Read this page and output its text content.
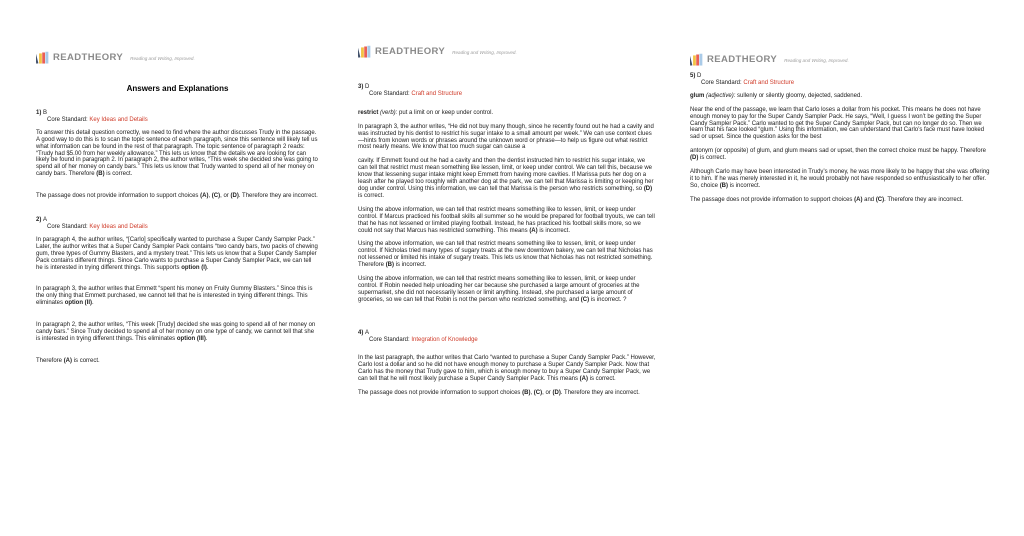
READTHEORY Reading and Writing, Improved.
Answers and Explanations
1) B
Core Standard: Key Ideas and Details
To answer this detail question correctly, we need to find where the author discusses Trudy in the passage. A good way to do this is to scan the topic sentence of each paragraph, since this sentence will likely tell us what information can be found in the rest of that paragraph. The topic sentence of paragraph 2 reads: “Trudy had $5.00 from her weekly allowance.” This lets us know that the details we are looking for can likely be found in paragraph 2. In paragraph 2, the author writes, “This week she decided she was going to spend all of her money on candy bars.” This lets us know that Trudy wanted to spend all of her money on candy bars. Therefore (B) is correct.
The passage does not provide information to support choices (A), (C), or (D). Therefore they are incorrect.
2) A
Core Standard: Key Ideas and Details
In paragraph 4, the author writes, “[Carlo] specifically wanted to purchase a Super Candy Sampler Pack.” Later, the author writes that a Super Candy Sampler Pack contains “two candy bars, two packs of chewing gum, three types of Gummy Blasters, and a mystery treat.” This lets us know that a Super Candy Sampler Pack contains different things. Since Carlo wants to purchase a Super Candy Sampler Pack, we can tell he is interested in trying different things. This supports option (I).
In paragraph 3, the author writes that Emmett “spent his money on Fruity Gummy Blasters.” Since this is the only thing that Emmett purchased, we cannot tell that he is interested in trying different things. This eliminates option (II).
In paragraph 2, the author writes, “This week [Trudy] decided she was going to spend all of her money on candy bars.” Since Trudy decided to spend all of her money on one type of candy, we cannot tell that she is interested in trying different things. This eliminates option (III).
Therefore (A) is correct.
READTHEORY Reading and Writing, Improved.
3) D
Core Standard: Craft and Structure
restrict (verb): put a limit on or keep under control.
In paragraph 3, the author writes, “He did not buy many though, since he recently found out he had a cavity and was instructed by his dentist to restrict his sugar intake to a small amount per week.” We can use context clues—hints from known words or phrases around the unknown word or phrase—to help us figure out what restrict most nearly means. We know that too much sugar can cause a
cavity. If Emmett found out he had a cavity and then the dentist instructed him to restrict his sugar intake, we can tell that restrict must mean something like lessen, limit, or keep under control. We can tell this, because we know that lessening sugar intake might keep Emmett from having more cavities. If Marissa puts her dog on a leash after he played too roughly with another dog at the park, we can tell that Marissa is limiting or keeping her dog under control. Using this information, we can tell that Marissa is the person who restricts something, so (D) is correct.
Using the above information, we can tell that restrict means something like to lessen, limit, or keep under control. If Marcus practiced his football skills all summer so he would be prepared for football tryouts, we can tell that he has not lessened or limited playing football. Instead, he has practiced his football skills more, so we could not say that Marcus has restricted something. This means (A) is incorrect.
Using the above information, we can tell that restrict means something like to lessen, limit, or keep under control. If Nicholas tried many types of sugary treats at the new downtown bakery, we can tell that Nicholas has not lessened or limited his intake of sugary treats. This lets us know that Nicholas has not restricted something. Therefore (B) is incorrect.
Using the above information, we can tell that restrict means something like to lessen, limit, or keep under control. If Robin needed help unloading her car because she purchased a large amount of groceries at the supermarket, she did not necessarily lessen or limit anything. Instead, she purchased a large amount of groceries, so we can tell that Robin is not the person who restricted something, and (C) is incorrect. ?
4) A
Core Standard: Integration of Knowledge
In the last paragraph, the author writes that Carlo “wanted to purchase a Super Candy Sampler Pack.” However, Carlo lost a dollar and so he did not have enough money to purchase a Super Candy Sampler Pack. Now that Carlo has the money that Trudy gave to him, which is enough money to buy a Super Candy Sampler Pack, we can tell that he will most likely purchase a Super Candy Sampler Pack. This means (A) is correct.
The passage does not provide information to support choices (B), (C), or (D). Therefore they are incorrect.
READTHEORY Reading and Writing, Improved.
5) D
Core Standard: Craft and Structure
glum (adjective): sullenly or silently gloomy, dejected, saddened.
Near the end of the passage, we learn that Carlo loses a dollar from his pocket. This means he does not have enough money to pay for the Super Candy Sampler Pack. He says, “Well, I guess I won’t be getting the Super Candy Sampler Pack.” Carlo wanted to get the Super Candy Sampler Pack, but can no longer do so. Then we learn that his face looked “glum.” Using this information, we can understand that Carlo’s face must have looked sad or upset. Since the question asks for the best
antonym (or opposite) of glum, and glum means sad or upset, then the correct choice must be happy. Therefore (D) is correct.
Although Carlo may have been interested in Trudy’s money, he was more likely to be happy that she was offering it to him. If he was merely interested in it, he would probably not have responded so enthusiastically to her offer. So, choice (B) is incorrect.
The passage does not provide information to support choices (A) and (C). Therefore they are incorrect.
